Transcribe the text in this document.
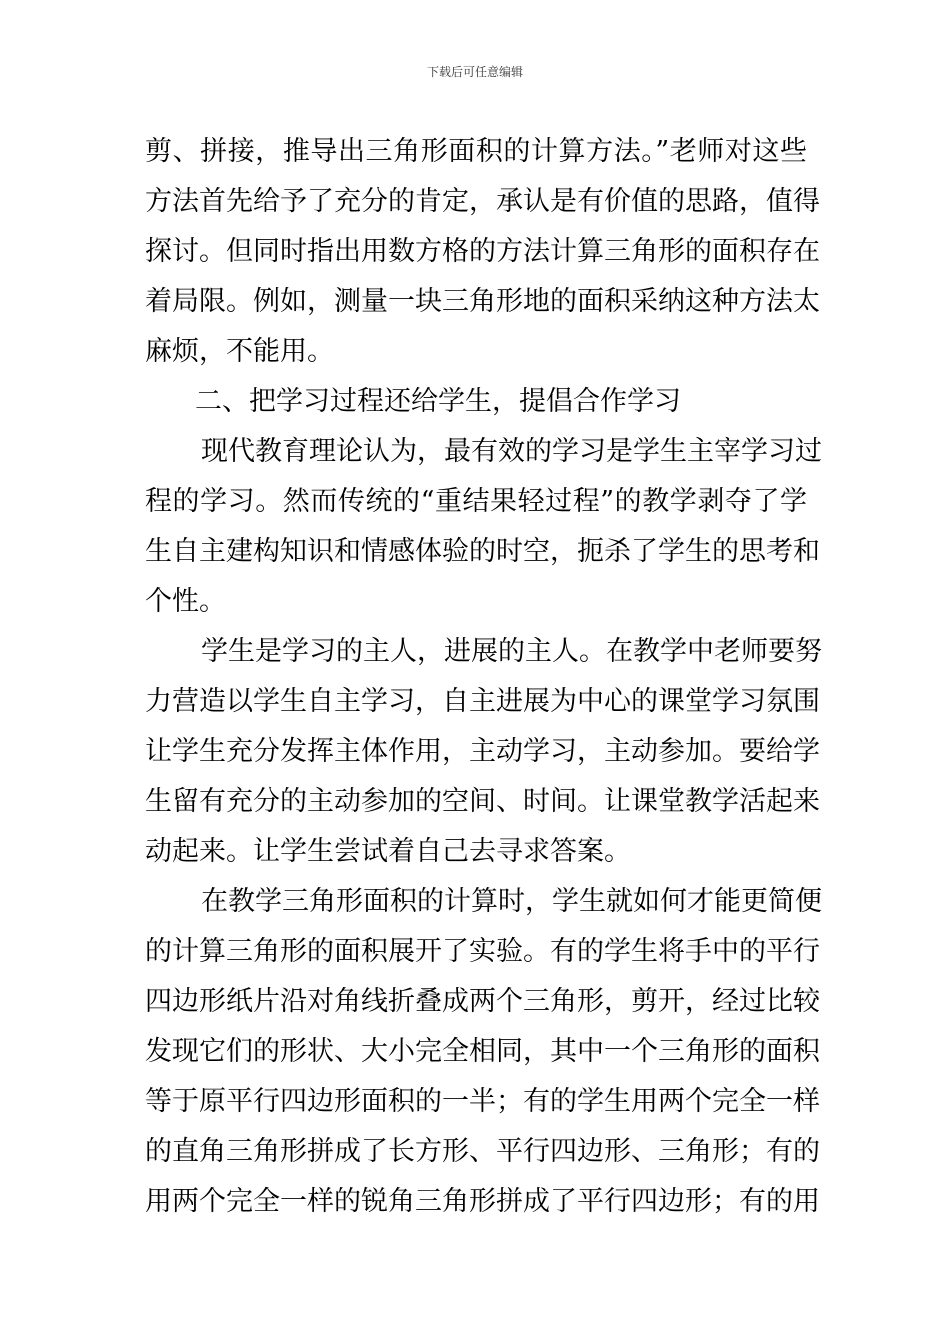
下载后可任意编辑
剪、拼接，推导出三角形面积的计算方法。”老师对这些
方法首先给予了充分的肯定，承认是有价值的思路，值得
探讨。但同时指出用数方格的方法计算三角形的面积存在
着局限。例如，测量一块三角形地的面积采纳这种方法太
麻烦，不能用。
二、把学习过程还给学生，提倡合作学习
现代教育理论认为，最有效的学习是学生主宰学习过
程的学习。然而传统的“重结果轻过程”的教学剥夺了学
生自主建构知识和情感体验的时空，扼杀了学生的思考和
个性。
学生是学习的主人，进展的主人。在教学中老师要努
力营造以学生自主学习，自主进展为中心的课堂学习氛围
让学生充分发挥主体作用，主动学习，主动参加。要给学
生留有充分的主动参加的空间、时间。让课堂教学活起来
动起来。让学生尝试着自己去寻求答案。
在教学三角形面积的计算时，学生就如何才能更简便
的计算三角形的面积展开了实验。有的学生将手中的平行
四边形纸片沿对角线折叠成两个三角形，剪开，经过比较
发现它们的形状、大小完全相同，其中一个三角形的面积
等于原平行四边形面积的一半；有的学生用两个完全一样
的直角三角形拼成了长方形、平行四边形、三角形；有的
用两个完全一样的锐角三角形拼成了平行四边形；有的用
